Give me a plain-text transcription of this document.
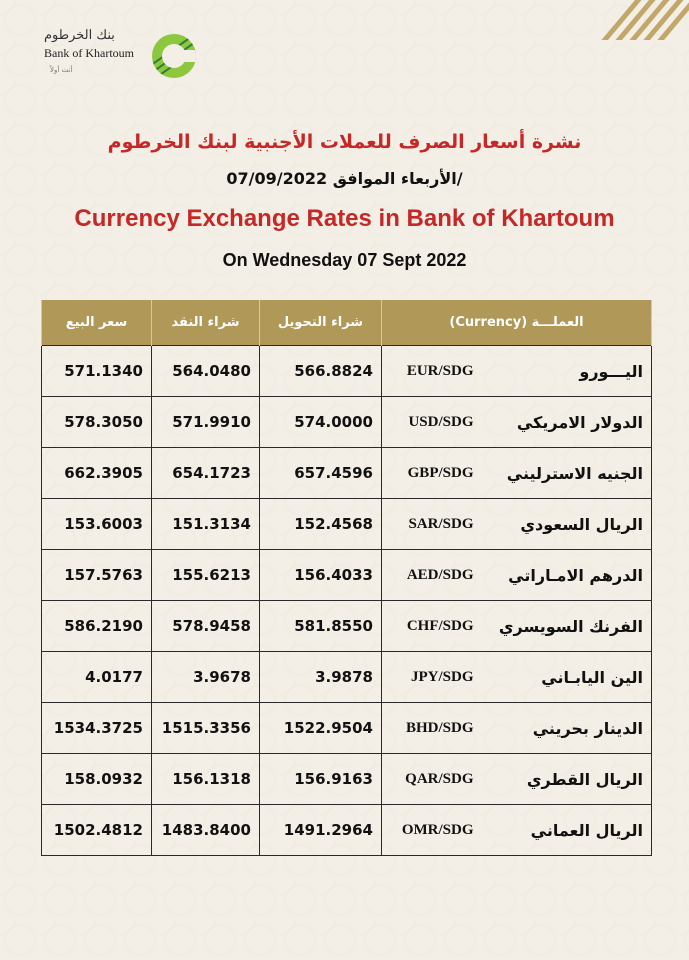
بنك الخرطوم
Bank of Khartoum
أنت أولاً
نشرة أسعار الصرف للعملات الأجنبية لبنك الخرطوم
الأربعاء الموافق 07/09/2022/
Currency Exchange Rates in Bank of Khartoum
On Wednesday 07 Sept 2022
سعر البيع	شراء النقد	شراء التحويل	العملـــة (Currency)	
571.1340	564.0480	566.8824	EUR/SDG	اليـــورو
578.3050	571.9910	574.0000	USD/SDG	الدولار الامريكي
662.3905	654.1723	657.4596	GBP/SDG	الجنيه الاسترليني
153.6003	151.3134	152.4568	SAR/SDG	الريال السعودي
157.5763	155.6213	156.4033	AED/SDG	الدرهم الامـاراتي
586.2190	578.9458	581.8550	CHF/SDG	الفرنك السويسري
4.0177	3.9678	3.9878	JPY/SDG	الين اليابـاني
1534.3725	1515.3356	1522.9504	BHD/SDG	الدينار بحريني
158.0932	156.1318	156.9163	QAR/SDG	الريال القطري
1502.4812	1483.8400	1491.2964	OMR/SDG	الريال العماني
